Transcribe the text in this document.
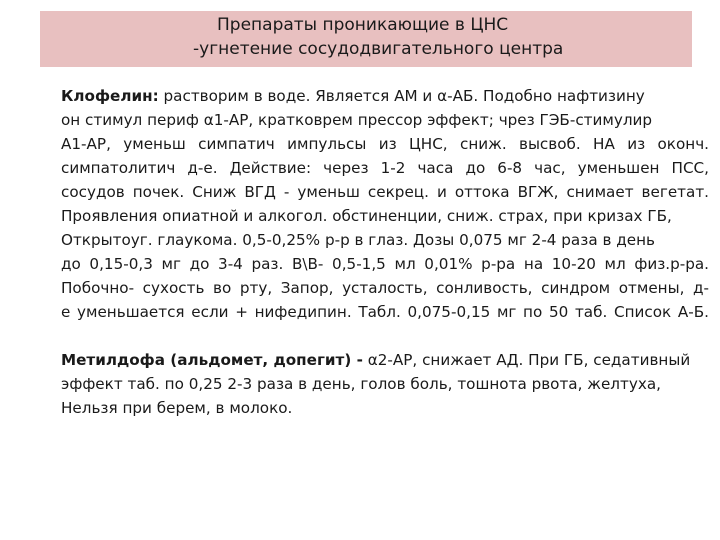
Препараты проникающие в ЦНС
-угнетение сосудодвигательного центра
Клофелин: растворим в воде. Является АМ и α-АБ. Подобно нафтизину
он стимул периф α1-АР, кратковрем прессор эффект; чрез ГЭБ-стимулир
А1-АР, уменьш симпатич импульсы из ЦНС, сниж. высвоб. НА из оконч.
симпатолитич д-е. Действие: через 1-2 часа до 6-8 час, уменьшен ПСС,
сосудов почек. Сниж ВГД - уменьш секрец. и оттока ВГЖ, снимает вегетат.
Проявления опиатной и алкогол. обстиненции, сниж. страх, при кризах ГБ,
Открытоуг. глаукома. 0,5-0,25% р-р в глаз. Дозы 0,075 мг 2-4 раза в день
до 0,15-0,3 мг до 3-4 раз. В\В- 0,5-1,5 мл 0,01% р-ра на 10-20 мл физ.р-ра.
Побочно- сухость во рту, Запор, усталость, сонливость, синдром отмены, д-
е уменьшается если + нифедипин. Табл. 0,075-0,15 мг по 50 таб. Список А-Б.
Метилдофа (альдомет, допегит) - α2-АР, снижает АД. При ГБ, седативный
эффект таб. по 0,25 2-3 раза в день, голов боль, тошнота рвота, желтуха,
Нельзя при берем, в молоко.
